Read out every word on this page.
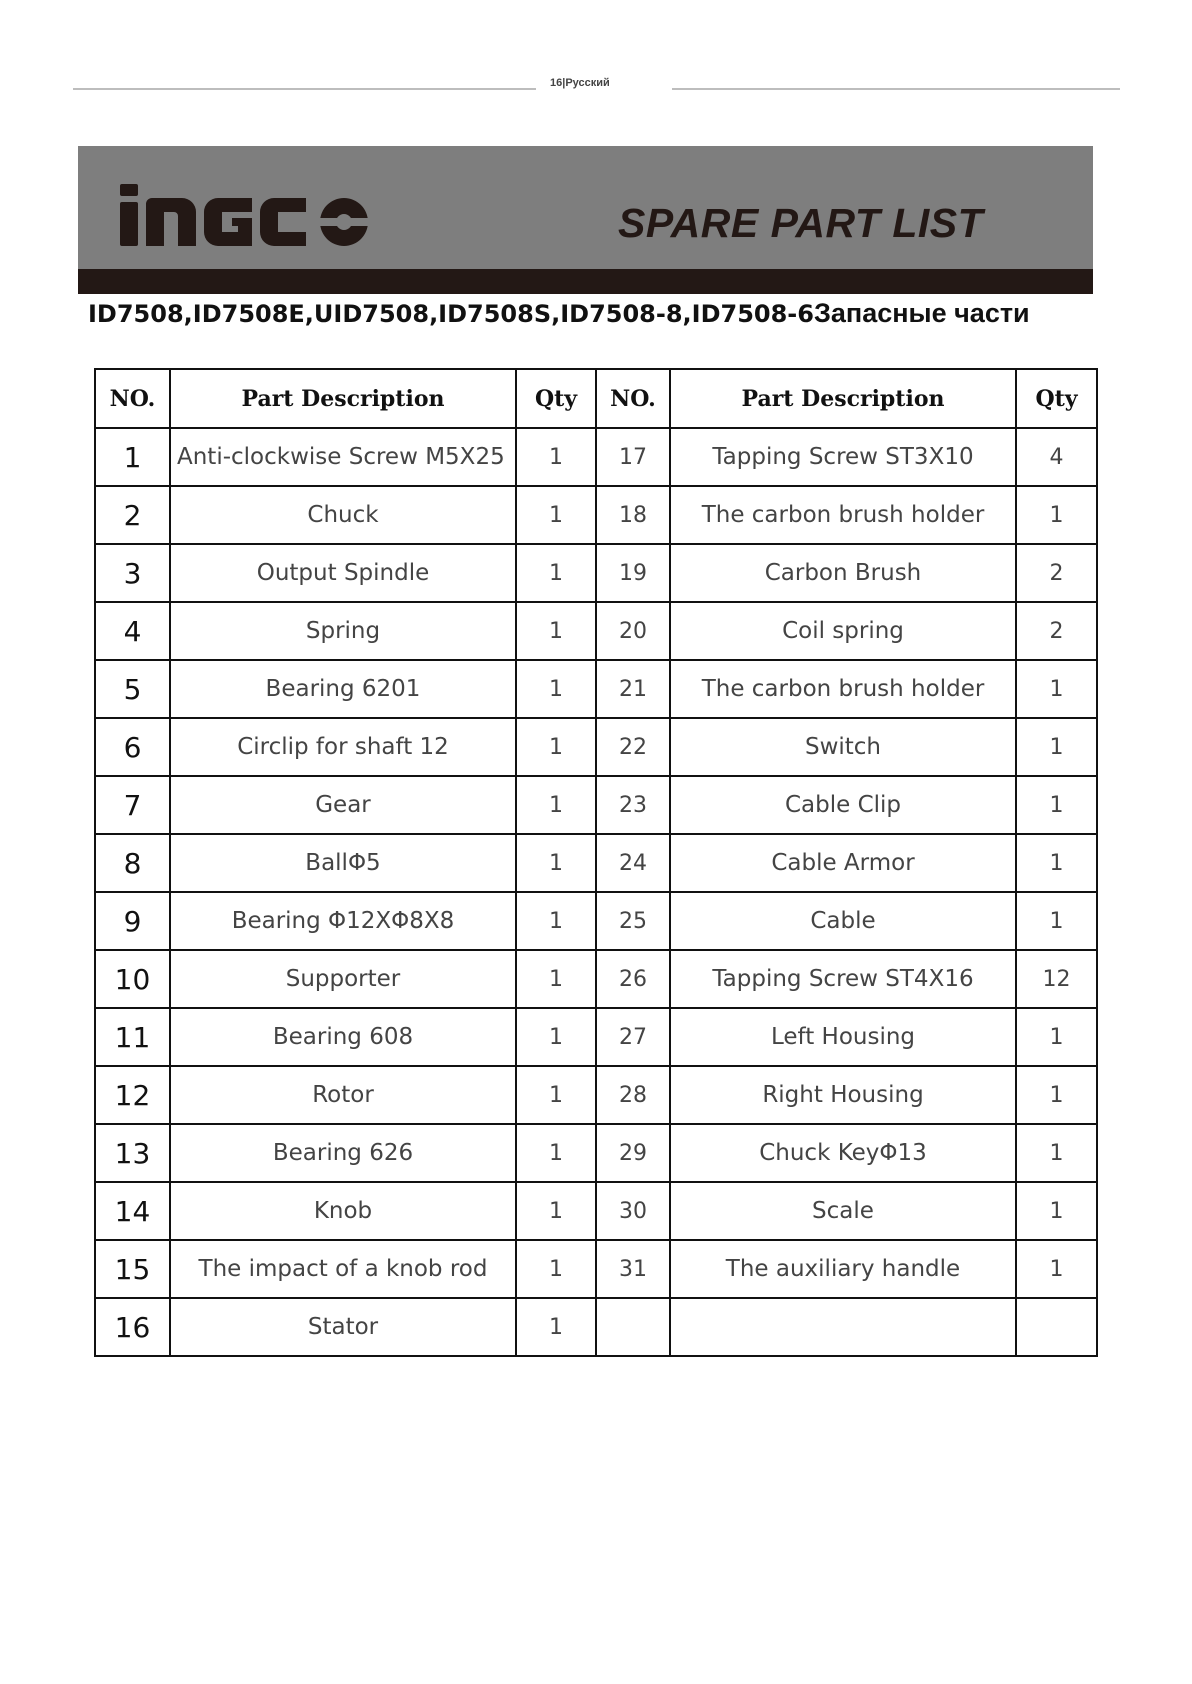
16|Русский
SPARE PART LIST
ID7508,ID7508E,UID7508,ID7508S,ID7508-8,ID7508-6Запасные части
NO.	Part Description	Qty	NO.	Part Description	Qty
1	Anti-clockwise Screw M5X25	1	17	Tapping Screw ST3X10	4
2	Chuck	1	18	The carbon brush holder	1
3	Output Spindle	1	19	Carbon Brush	2
4	Spring	1	20	Coil spring	2
5	Bearing 6201	1	21	The carbon brush holder	1
6	Circlip for shaft 12	1	22	Switch	1
7	Gear	1	23	Cable Clip	1
8	BallΦ5	1	24	Cable Armor	1
9	Bearing Φ12XΦ8X8	1	25	Cable	1
10	Supporter	1	26	Tapping Screw ST4X16	12
11	Bearing 608	1	27	Left Housing	1
12	Rotor	1	28	Right Housing	1
13	Bearing 626	1	29	Chuck KeyΦ13	1
14	Knob	1	30	Scale	1
15	The impact of a knob rod	1	31	The auxiliary handle	1
16	Stator	1			
